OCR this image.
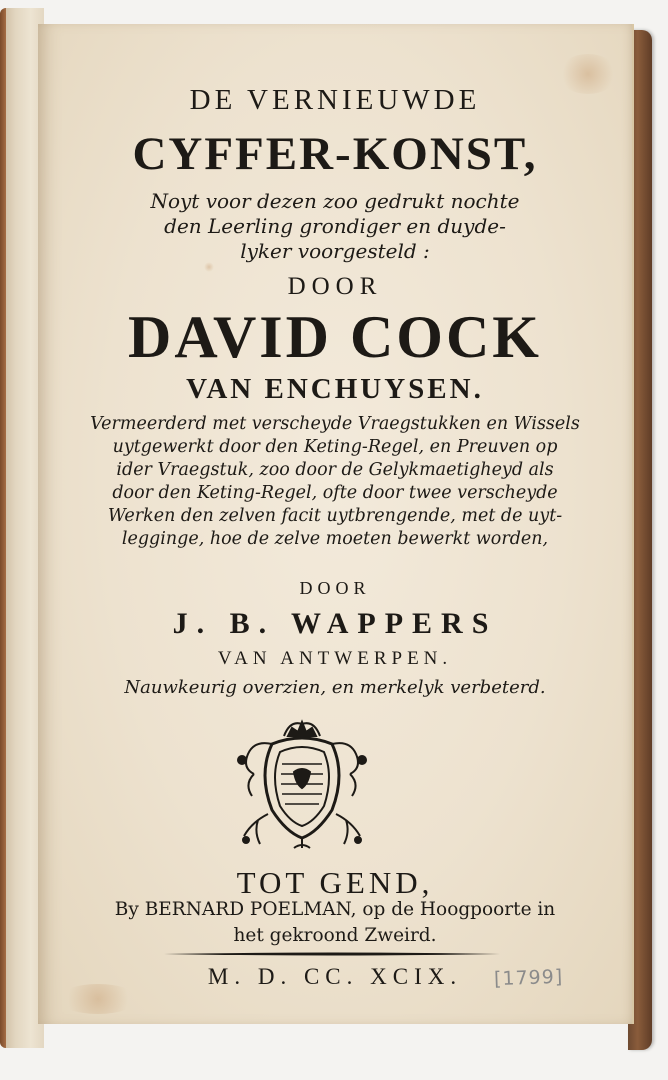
DE VERNIEUWDE
CYFFER-KONST,
Noyt voor dezen zoo gedrukt nochte
den Leerling grondiger en duyde-
lyker voorgesteld :
DOOR
DAVID COCK
VAN ENCHUYSEN.
Vermeerderd met verscheyde Vraegstukken en Wissels
uytgewerkt door den Keting-Regel, en Preuven op
ider Vraegstuk, zoo door de Gelykmaetigheyd als
door den Keting-Regel, ofte door twee verscheyde
Werken den zelven facit uytbrengende, met de uyt-
legginge, hoe de zelve moeten bewerkt worden,
DOOR
J. B. WAPPERS
VAN ANTWERPEN.
Nauwkeurig overzien, en merkelyk verbeterd.
TOT GEND,
By BERNARD POELMAN, op de Hoogpoorte in
het gekroond Zweird.
M. D. CC. XCIX.	[1799]
